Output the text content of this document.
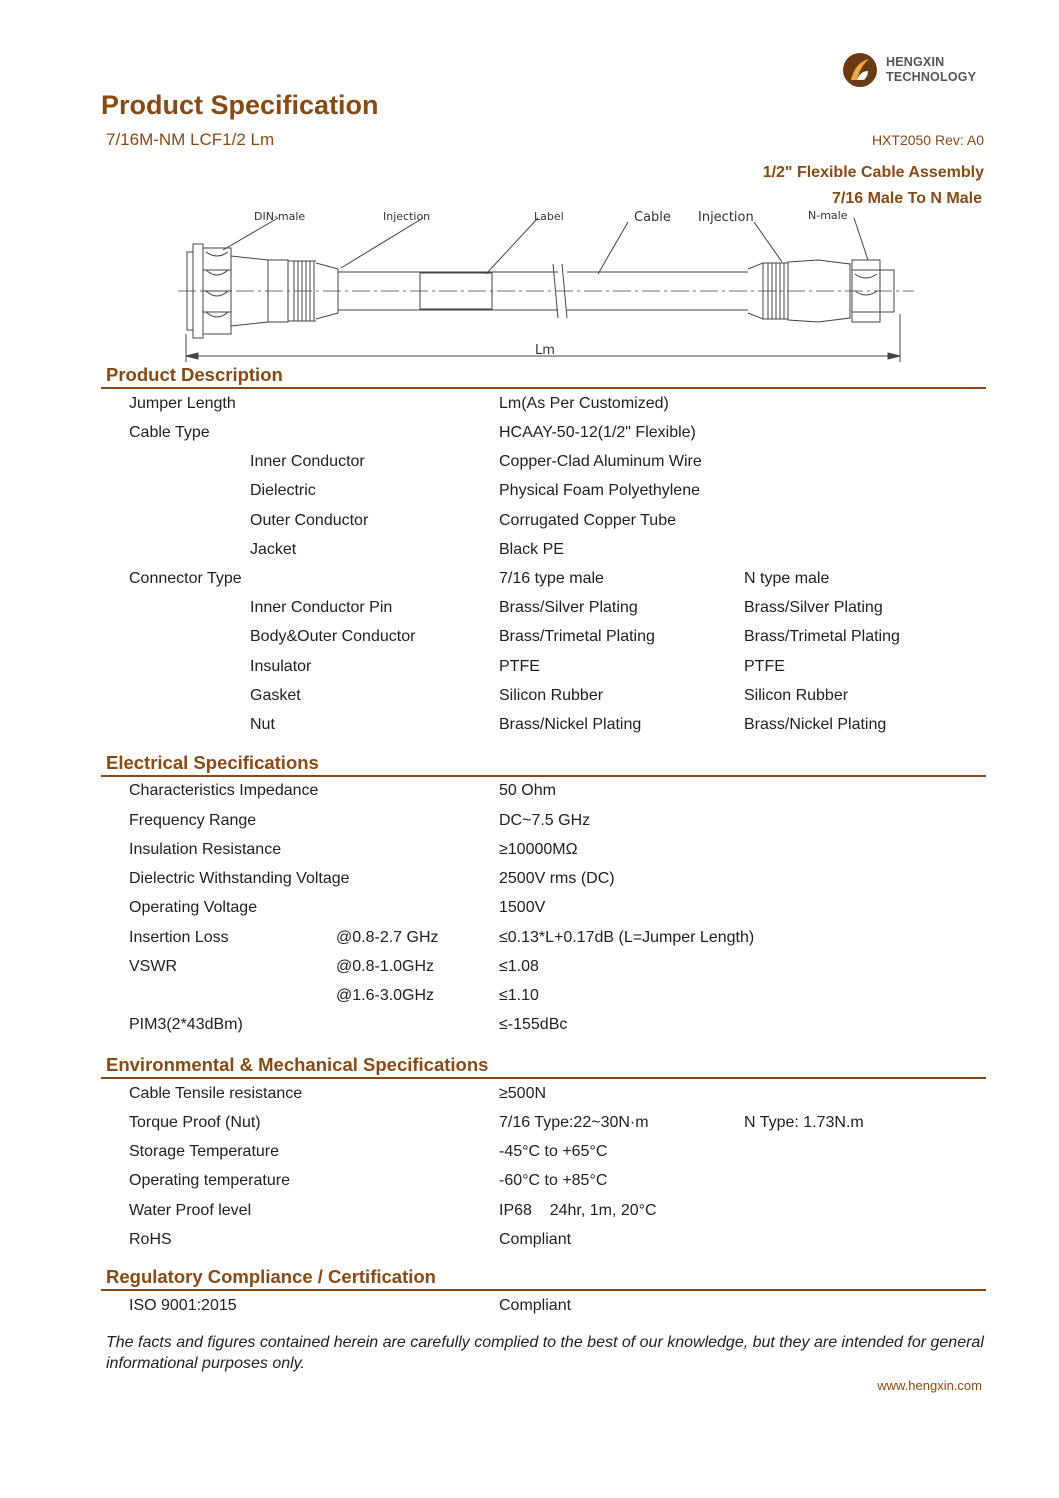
HENGXIN
TECHNOLOGY
Product Specification
7/16M-NM LCF1/2 Lm	HXT2050 Rev: A0
1/2" Flexible Cable Assembly
7/16 Male To N Male
DIN-male	Injection	Label	Cable Injection	N-male
Lm
Product Description
Jumper Length	Lm(As Per Customized)
Cable Type	HCAAY-50-12(1/2" Flexible)
Inner Conductor	Copper-Clad Aluminum Wire
Dielectric	Physical Foam Polyethylene
Outer Conductor	Corrugated Copper Tube
Jacket	Black PE
Connector Type	7/16 type male	N type male
Inner Conductor Pin	Brass/Silver Plating	Brass/Silver Plating
Body&Outer Conductor	Brass/Trimetal Plating	Brass/Trimetal Plating
Insulator	PTFE	PTFE
Gasket	Silicon Rubber	Silicon Rubber
Nut	Brass/Nickel Plating	Brass/Nickel Plating
Electrical Specifications
Characteristics Impedance	50 Ohm
Frequency Range	DC~7.5 GHz
Insulation Resistance	≥10000MΩ
Dielectric Withstanding Voltage	2500V rms (DC)
Operating Voltage	1500V
Insertion Loss	@0.8-2.7 GHz	≤0.13*L+0.17dB (L=Jumper Length)
VSWR	@0.8-1.0GHz	≤1.08
@1.6-3.0GHz	≤1.10
PIM3(2*43dBm)	≤-155dBc
Environmental & Mechanical Specifications
Cable Tensile resistance	≥500N
Torque Proof (Nut)	7/16 Type:22~30N·m	N Type: 1.73N.m
Storage Temperature	-45°C to +65°C
Operating temperature	-60°C to +85°C
Water Proof level	IP68    24hr, 1m, 20°C
RoHS	Compliant
Regulatory Compliance / Certification
ISO 9001:2015	Compliant
The facts and figures contained herein are carefully complied to the best of our knowledge, but they are intended for general informational purposes only.
www.hengxin.com
